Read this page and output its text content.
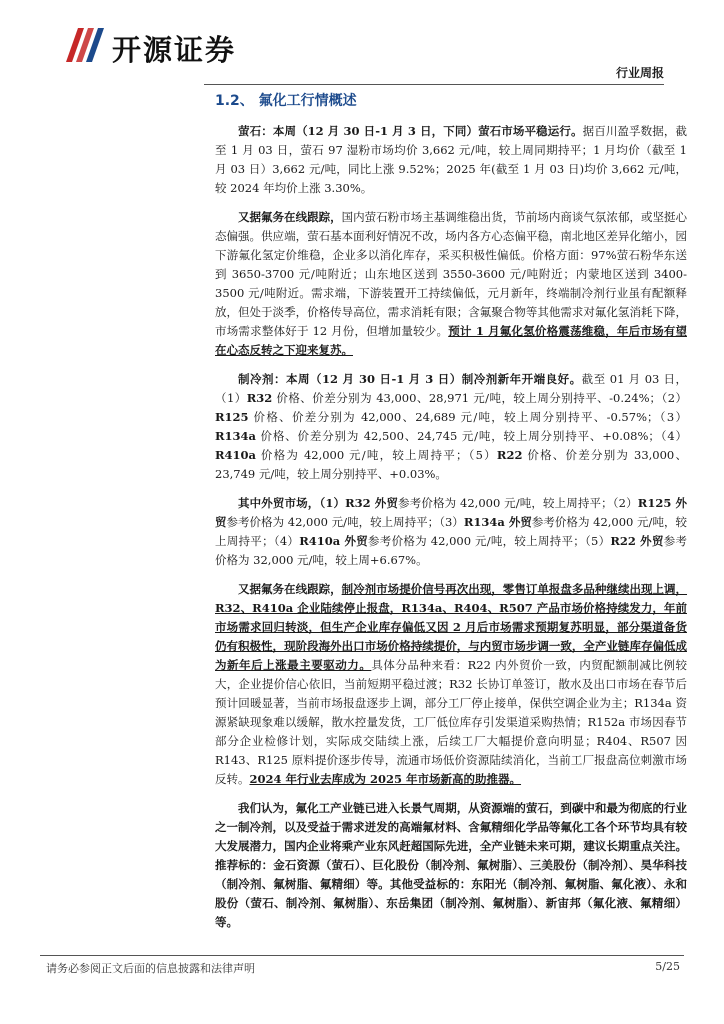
开源证券
行业周报
1.2、 氟化工行情概述

萤石：本周（12 月 30 日-1 月 3 日，下同）萤石市场平稳运行。据百川盈孚数据，截至 1 月 03 日，萤石 97 湿粉市场均价 3,662 元/吨，较上周同期持平；1 月均价（截至 1 月 03 日）3,662 元/吨，同比上涨 9.52%；2025 年(截至 1 月 03 日)均价 3,662 元/吨，较 2024 年均价上涨 3.30%。

又据氟务在线跟踪，国内萤石粉市场主基调维稳出货，节前场内商谈气氛浓郁，或坚挺心态偏强。供应端，萤石基本面利好情况不改，场内各方心态偏平稳，南北地区差异化缩小，园下游氟化氢定价维稳，企业多以消化库存，采买积极性偏低。价格方面：97%萤石粉华东送到 3650-3700 元/吨附近；山东地区送到 3550-3600 元/吨附近；内蒙地区送到 3400-3500 元/吨附近。需求端，下游装置开工持续偏低，元月新年，终端制冷剂行业虽有配额释放，但处于淡季，价格传导高位，需求消耗有限；含氟聚合物等其他需求对氟化氢消耗下降，市场需求整体好于 12 月份，但增加量较少。预计 1 月氟化氢价格震荡维稳，年后市场有望在心态反转之下迎来复苏。

制冷剂：本周（12 月 30 日-1 月 3 日）制冷剂新年开端良好。截至 01 月 03 日，（1）R32 价格、价差分别为 43,000、28,971 元/吨，较上周分别持平、-0.24%；（2）R125 价格、价差分别为 42,000、24,689 元/吨，较上周分别持平、-0.57%；（3）R134a 价格、价差分别为 42,500、24,745 元/吨，较上周分别持平、+0.08%；（4）R410a 价格为 42,000 元/吨，较上周持平；（5）R22 价格、价差分别为 33,000、23,749 元/吨，较上周分别持平、+0.03%。

其中外贸市场，（1）R32 外贸参考价格为 42,000 元/吨，较上周持平；（2）R125 外贸参考价格为 42,000 元/吨，较上周持平；（3）R134a 外贸参考价格为 42,000 元/吨，较上周持平；（4）R410a 外贸参考价格为 42,000 元/吨，较上周持平；（5）R22 外贸参考价格为 32,000 元/吨，较上周+6.67%。

又据氟务在线跟踪，制冷剂市场提价信号再次出现，零售订单报盘多品种继续出现上调，R32、R410a 企业陆续停止报盘，R134a、R404、R507 产品市场价格持续发力，年前市场需求回归转淡，但生产企业库存偏低又因 2 月后市场需求预期复苏明显，部分渠道备货仍有积极性，现阶段海外出口市场价格持续提价，与内贸市场步调一致，全产业链库存偏低成为新年后上涨最主要驱动力。具体分品种来看：R22 内外贸价一致，内贸配额制减比例较大，企业提价信心依旧，当前短期平稳过渡；R32 长协订单签订，散水及出口市场在春节后预计回暖显著，当前市场报盘逐步上调，部分工厂停止接单，保供空调企业为主；R134a 资源紧缺现象难以缓解，散水控量发货，工厂低位库存引发渠道采购热情；R152a 市场因春节部分企业检修计划，实际成交陆续上涨，后续工厂大幅提价意向明显；R404、R507 因 R143、R125 原料提价逐步传导，流通市场低价资源陆续消化，当前工厂报盘高位刺激市场反转。2024 年行业去库成为 2025 年市场新高的助推器。

我们认为，氟化工产业链已进入长景气周期，从资源端的萤石，到碳中和最为彻底的行业之一制冷剂，以及受益于需求迸发的高端氟材料、含氟精细化学品等氟化工各个环节均具有较大发展潜力，国内企业将乘产业东风赶超国际先进，全产业链未来可期，建议长期重点关注。推荐标的：金石资源（萤石）、巨化股份（制冷剂、氟树脂）、三美股份（制冷剂）、昊华科技（制冷剂、氟树脂、氟精细）等。其他受益标的：东阳光（制冷剂、氟树脂、氟化液）、永和股份（萤石、制冷剂、氟树脂）、东岳集团（制冷剂、氟树脂）、新宙邦（氟化液、氟精细）等。

请务必参阅正文后面的信息披露和法律声明	5/25
